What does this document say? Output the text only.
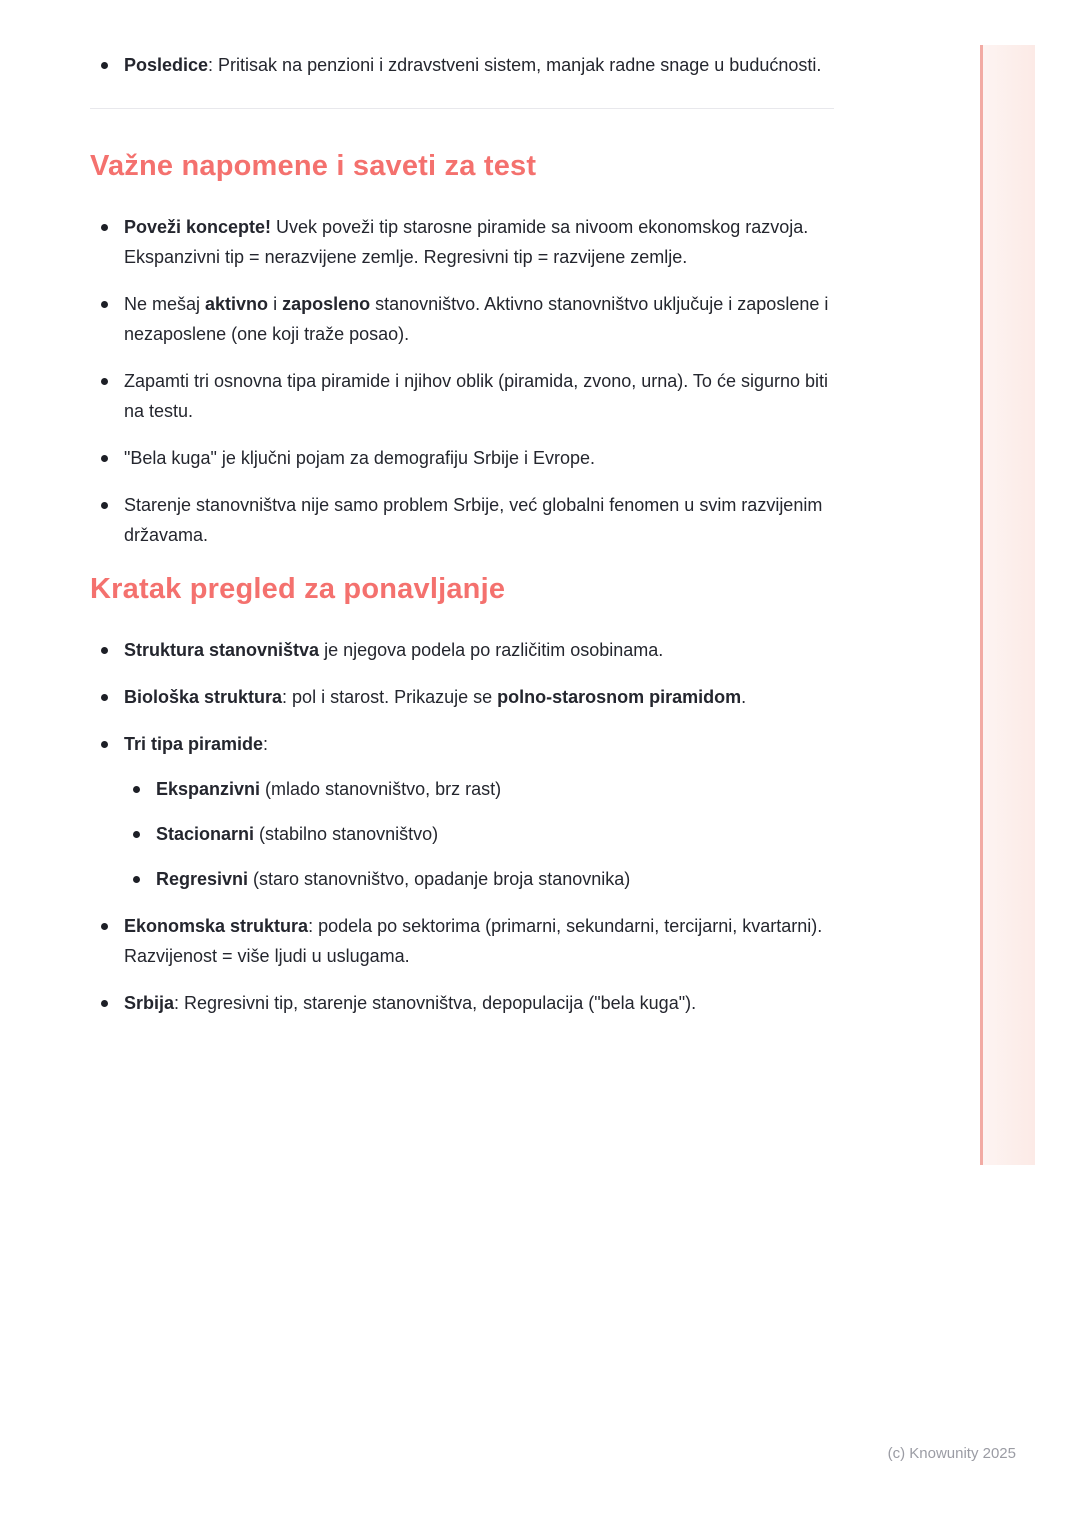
Posledice: Pritisak na penzioni i zdravstveni sistem, manjak radne snage u budućnosti.
Važne napomene i saveti za test
Poveži koncepte! Uvek poveži tip starosne piramide sa nivoom ekonomskog razvoja. Ekspanzivni tip = nerazvijene zemlje. Regresivni tip = razvijene zemlje.
Ne mešaj aktivno i zaposleno stanovništvo. Aktivno stanovništvo uključuje i zaposlene i nezaposlene (one koji traže posao).
Zapamti tri osnovna tipa piramide i njihov oblik (piramida, zvono, urna). To će sigurno biti na testu.
"Bela kuga" je ključni pojam za demografiju Srbije i Evrope.
Starenje stanovništva nije samo problem Srbije, već globalni fenomen u svim razvijenim državama.
Kratak pregled za ponavljanje
Struktura stanovništva je njegova podela po različitim osobinama.
Biološka struktura: pol i starost. Prikazuje se polno-starosnom piramidom.
Tri tipa piramide:
Ekspanzivni (mlado stanovništvo, brz rast)
Stacionarni (stabilno stanovništvo)
Regresivni (staro stanovništvo, opadanje broja stanovnika)
Ekonomska struktura: podela po sektorima (primarni, sekundarni, tercijarni, kvartarni). Razvijenost = više ljudi u uslugama.
Srbija: Regresivni tip, starenje stanovništva, depopulacija ("bela kuga").
(c) Knowunity 2025
